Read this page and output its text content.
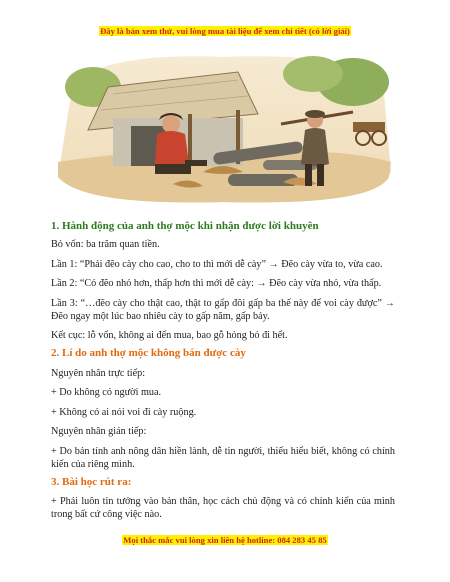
Đây là bản xem thử, vui lòng mua tài liệu để xem chi tiết (có lời giải)

1. Hành động của anh thợ mộc khi nhận được lời khuyên

Bỏ vốn: ba trăm quan tiền.

Lần 1: “Phải đẽo cày cho cao, cho to thì mới dễ cày” → Đẽo cày vừa to, vừa cao.

Lần 2: “Có đẽo nhỏ hơn, thấp hơn thì mới dễ cày: → Đẽo cày vừa nhỏ, vừa thấp.

Lần 3: “…đẽo cày cho thật cao, thật to gấp đôi gấp ba thế này để voi cày được” → Đẽo ngay một lúc bao nhiêu cày to gấp năm, gấp bảy.

Kết cục: lỗ vốn, không ai đến mua, bao gỗ hỏng bỏ đi hết.

2. Lí do anh thợ mộc không bán được cày

Nguyên nhân trực tiếp:

+ Do không có người mua.

+ Không có ai nói voi đi cày ruộng.

Nguyên nhân gián tiếp:

+ Do bản tính anh nông dân hiền lành, dễ tin người, thiếu hiểu biết, không có chính kiến của riêng mình.

3. Bài học rút ra:

+ Phải luôn tin tưởng vào bản thân, học cách chủ động và có chính kiến của mình trong bất cứ công việc nào.

Mọi thắc mắc vui lòng xin liên hệ hotline: 084 283 45 85
